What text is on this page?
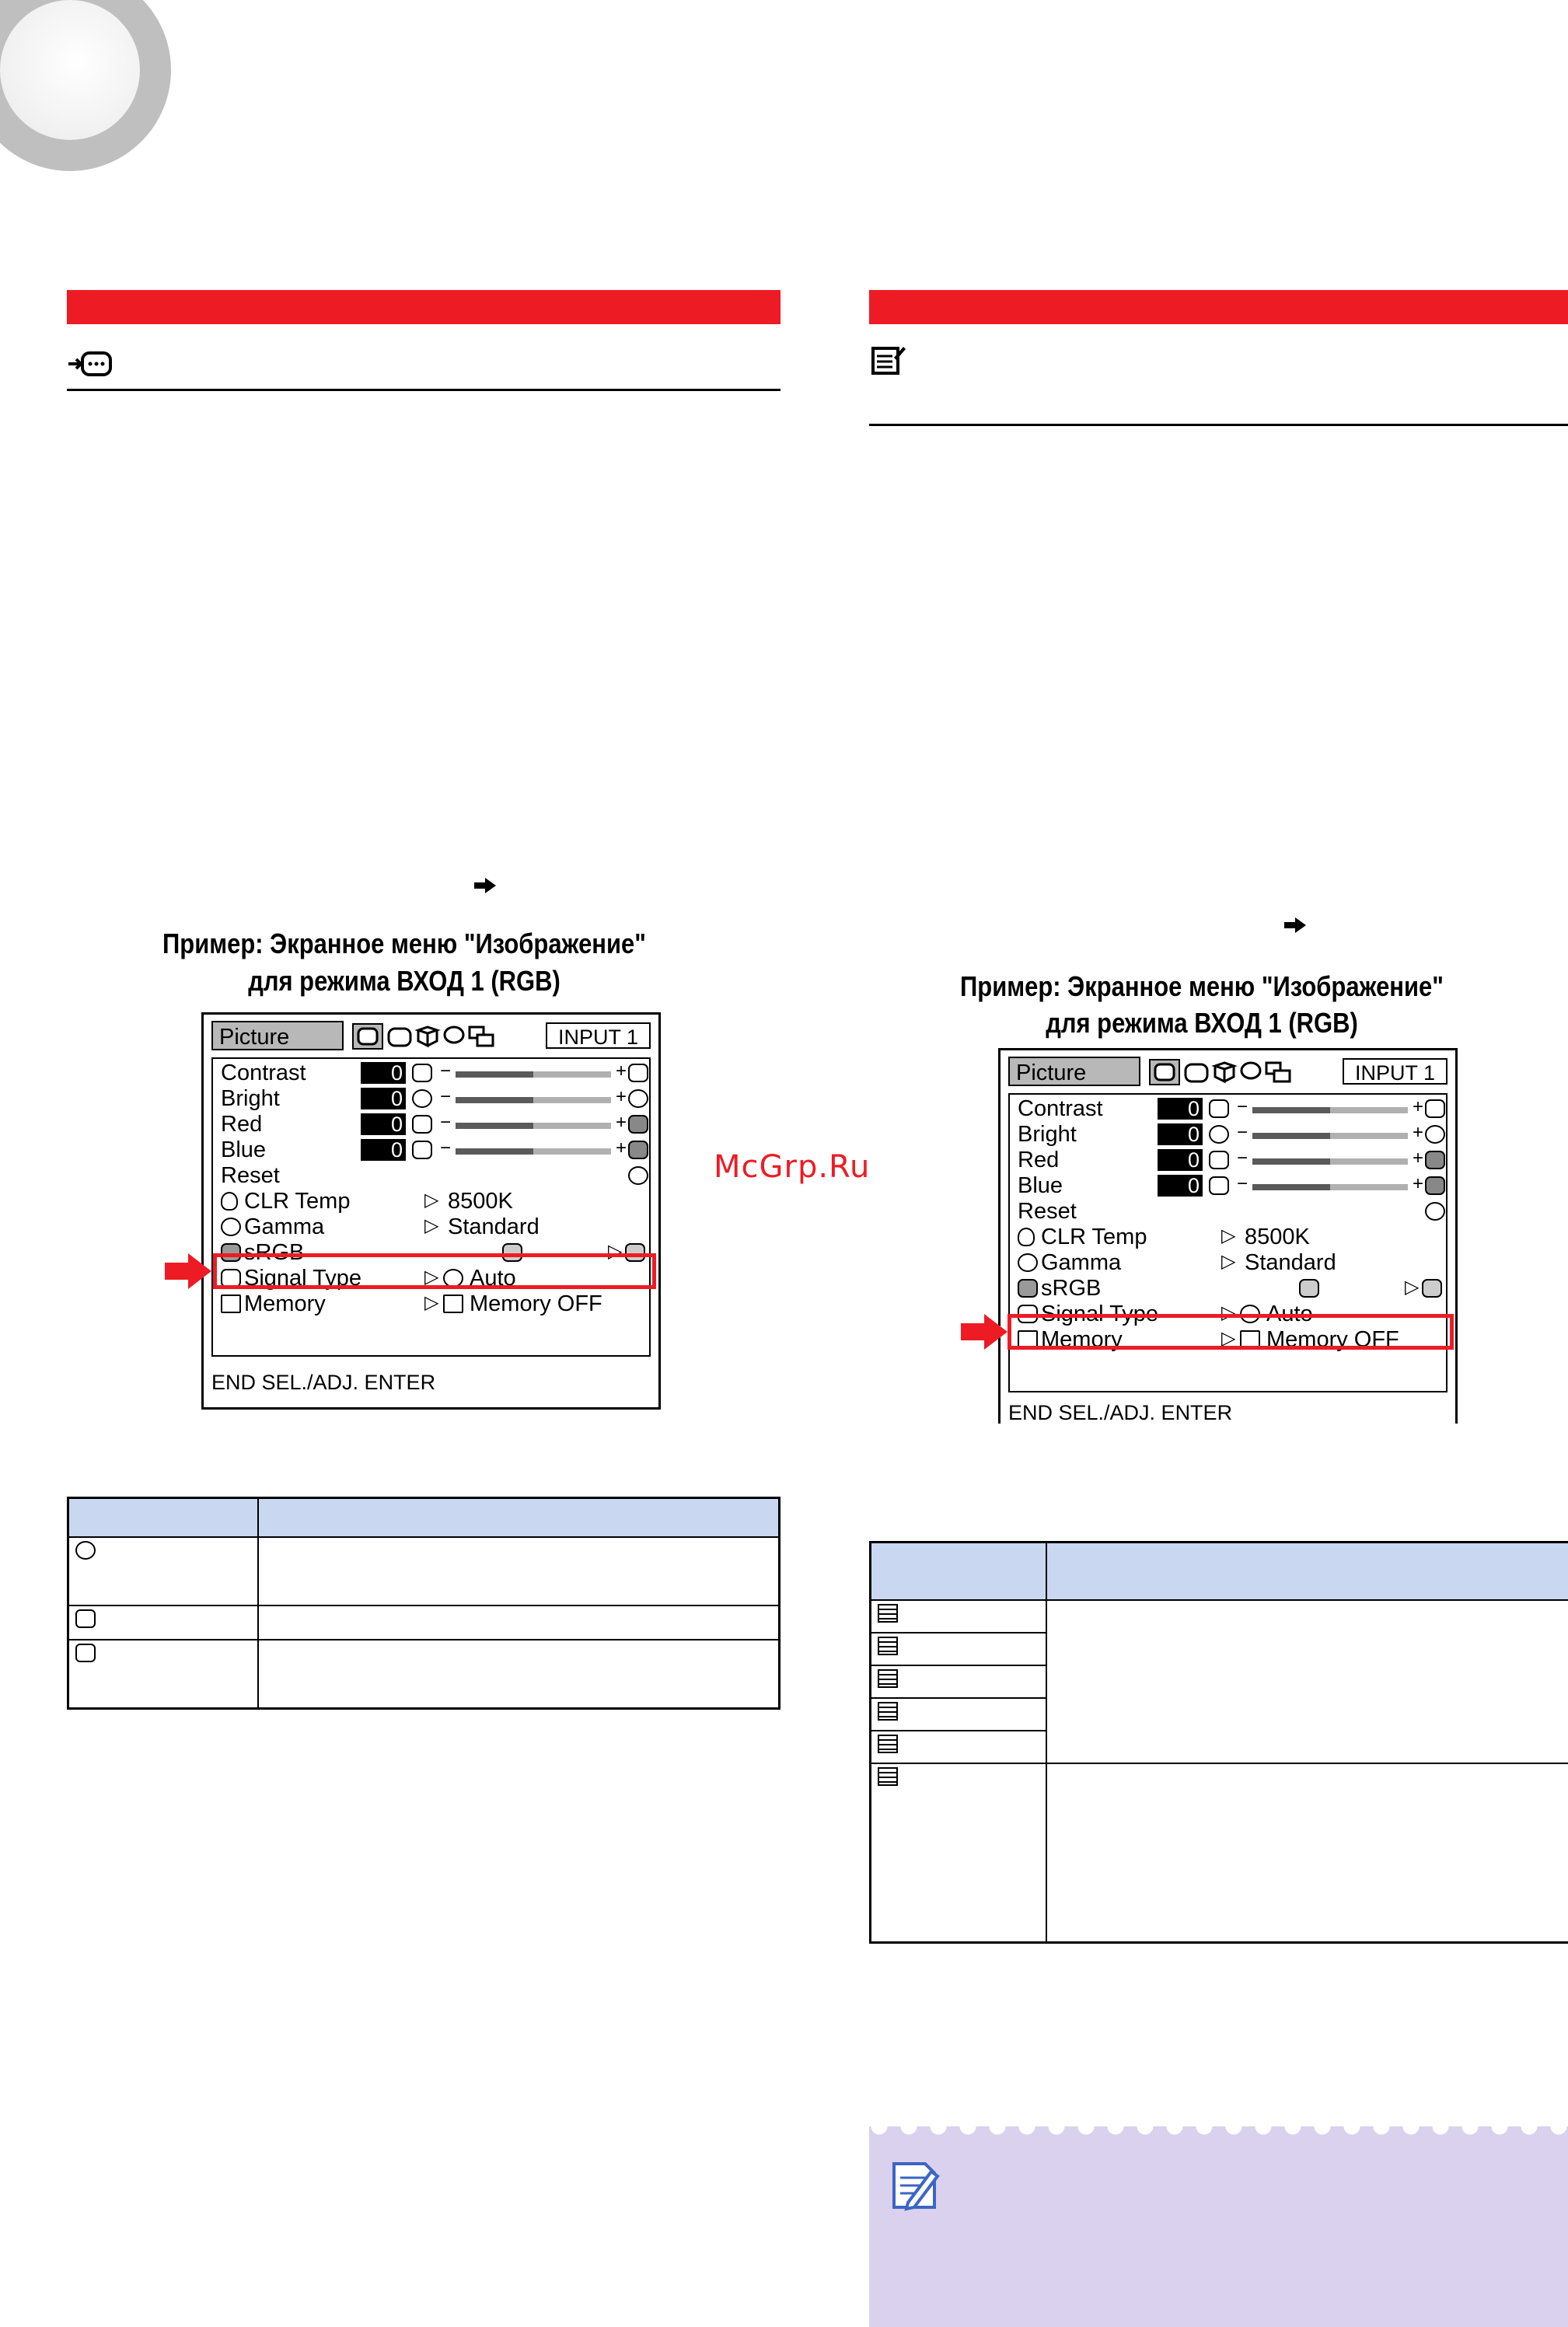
Пример: Экранное меню "Изображение"
для режима ВХОД 1 (RGB)
Picture	INPUT 1
Contrast	0 −	+
Bright	0 −	+
Red	0 −	+
Blue	0 −	+
Reset
CLR Temp	▷ 8500K
Gamma	▷ Standard
sRGB	▷
Signal Type	▷ Auto
Memory	▷ Memory OFF
END SEL./ADJ. ENTER

McGrp.Ru
Пример: Экранное меню "Изображение"
для режима ВХОД 1 (RGB)
Picture	INPUT 1
Contrast	0 −	+
Bright	0 −	+
Red	0 −	+
Blue	0 −	+
Reset
CLR Temp	▷ 8500K
Gamma	▷ Standard
sRGB	▷
Signal Type	▷ Auto
Memory	▷ Memory OFF
END SEL./ADJ. ENTER
